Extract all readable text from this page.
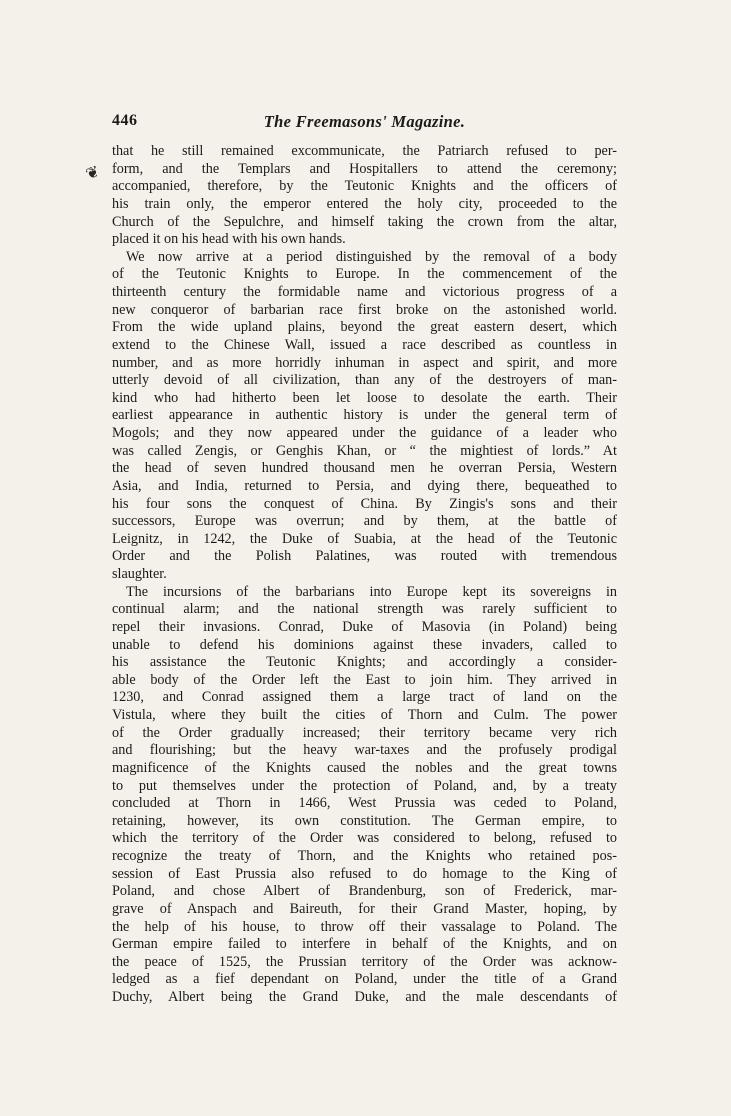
446	The Freemasons' Magazine.
❦

that he still remained excommunicate, the Patriarch refused to per-
form, and the Templars and Hospitallers to attend the ceremony;
accompanied, therefore, by the Teutonic Knights and the officers of
his train only, the emperor entered the holy city, proceeded to the
Church of the Sepulchre, and himself taking the crown from the altar,
placed it on his head with his own hands.

We now arrive at a period distinguished by the removal of a body
of the Teutonic Knights to Europe. In the commencement of the
thirteenth century the formidable name and victorious progress of a
new conqueror of barbarian race first broke on the astonished world.
From the wide upland plains, beyond the great eastern desert, which
extend to the Chinese Wall, issued a race described as countless in
number, and as more horridly inhuman in aspect and spirit, and more
utterly devoid of all civilization, than any of the destroyers of man-
kind who had hitherto been let loose to desolate the earth. Their
earliest appearance in authentic history is under the general term of
Mogols; and they now appeared under the guidance of a leader who
was called Zengis, or Genghis Khan, or “ the mightiest of lords.” At
the head of seven hundred thousand men he overran Persia, Western
Asia, and India, returned to Persia, and dying there, bequeathed to
his four sons the conquest of China. By Zingis's sons and their
successors, Europe was overrun; and by them, at the battle of
Leignitz, in 1242, the Duke of Suabia, at the head of the Teutonic
Order and the Polish Palatines, was routed with tremendous
slaughter.

The incursions of the barbarians into Europe kept its sovereigns in
continual alarm; and the national strength was rarely sufficient to
repel their invasions. Conrad, Duke of Masovia (in Poland) being
unable to defend his dominions against these invaders, called to
his assistance the Teutonic Knights; and accordingly a consider-
able body of the Order left the East to join him. They arrived in
1230, and Conrad assigned them a large tract of land on the
Vistula, where they built the cities of Thorn and Culm. The power
of the Order gradually increased; their territory became very rich
and flourishing; but the heavy war-taxes and the profusely prodigal
magnificence of the Knights caused the nobles and the great towns
to put themselves under the protection of Poland, and, by a treaty
concluded at Thorn in 1466, West Prussia was ceded to Poland,
retaining, however, its own constitution. The German empire, to
which the territory of the Order was considered to belong, refused to
recognize the treaty of Thorn, and the Knights who retained pos-
session of East Prussia also refused to do homage to the King of
Poland, and chose Albert of Brandenburg, son of Frederick, mar-
grave of Anspach and Baireuth, for their Grand Master, hoping, by
the help of his house, to throw off their vassalage to Poland. The
German empire failed to interfere in behalf of the Knights, and on
the peace of 1525, the Prussian territory of the Order was acknow-
ledged as a fief dependant on Poland, under the title of a Grand
Duchy, Albert being the Grand Duke, and the male descendants of
